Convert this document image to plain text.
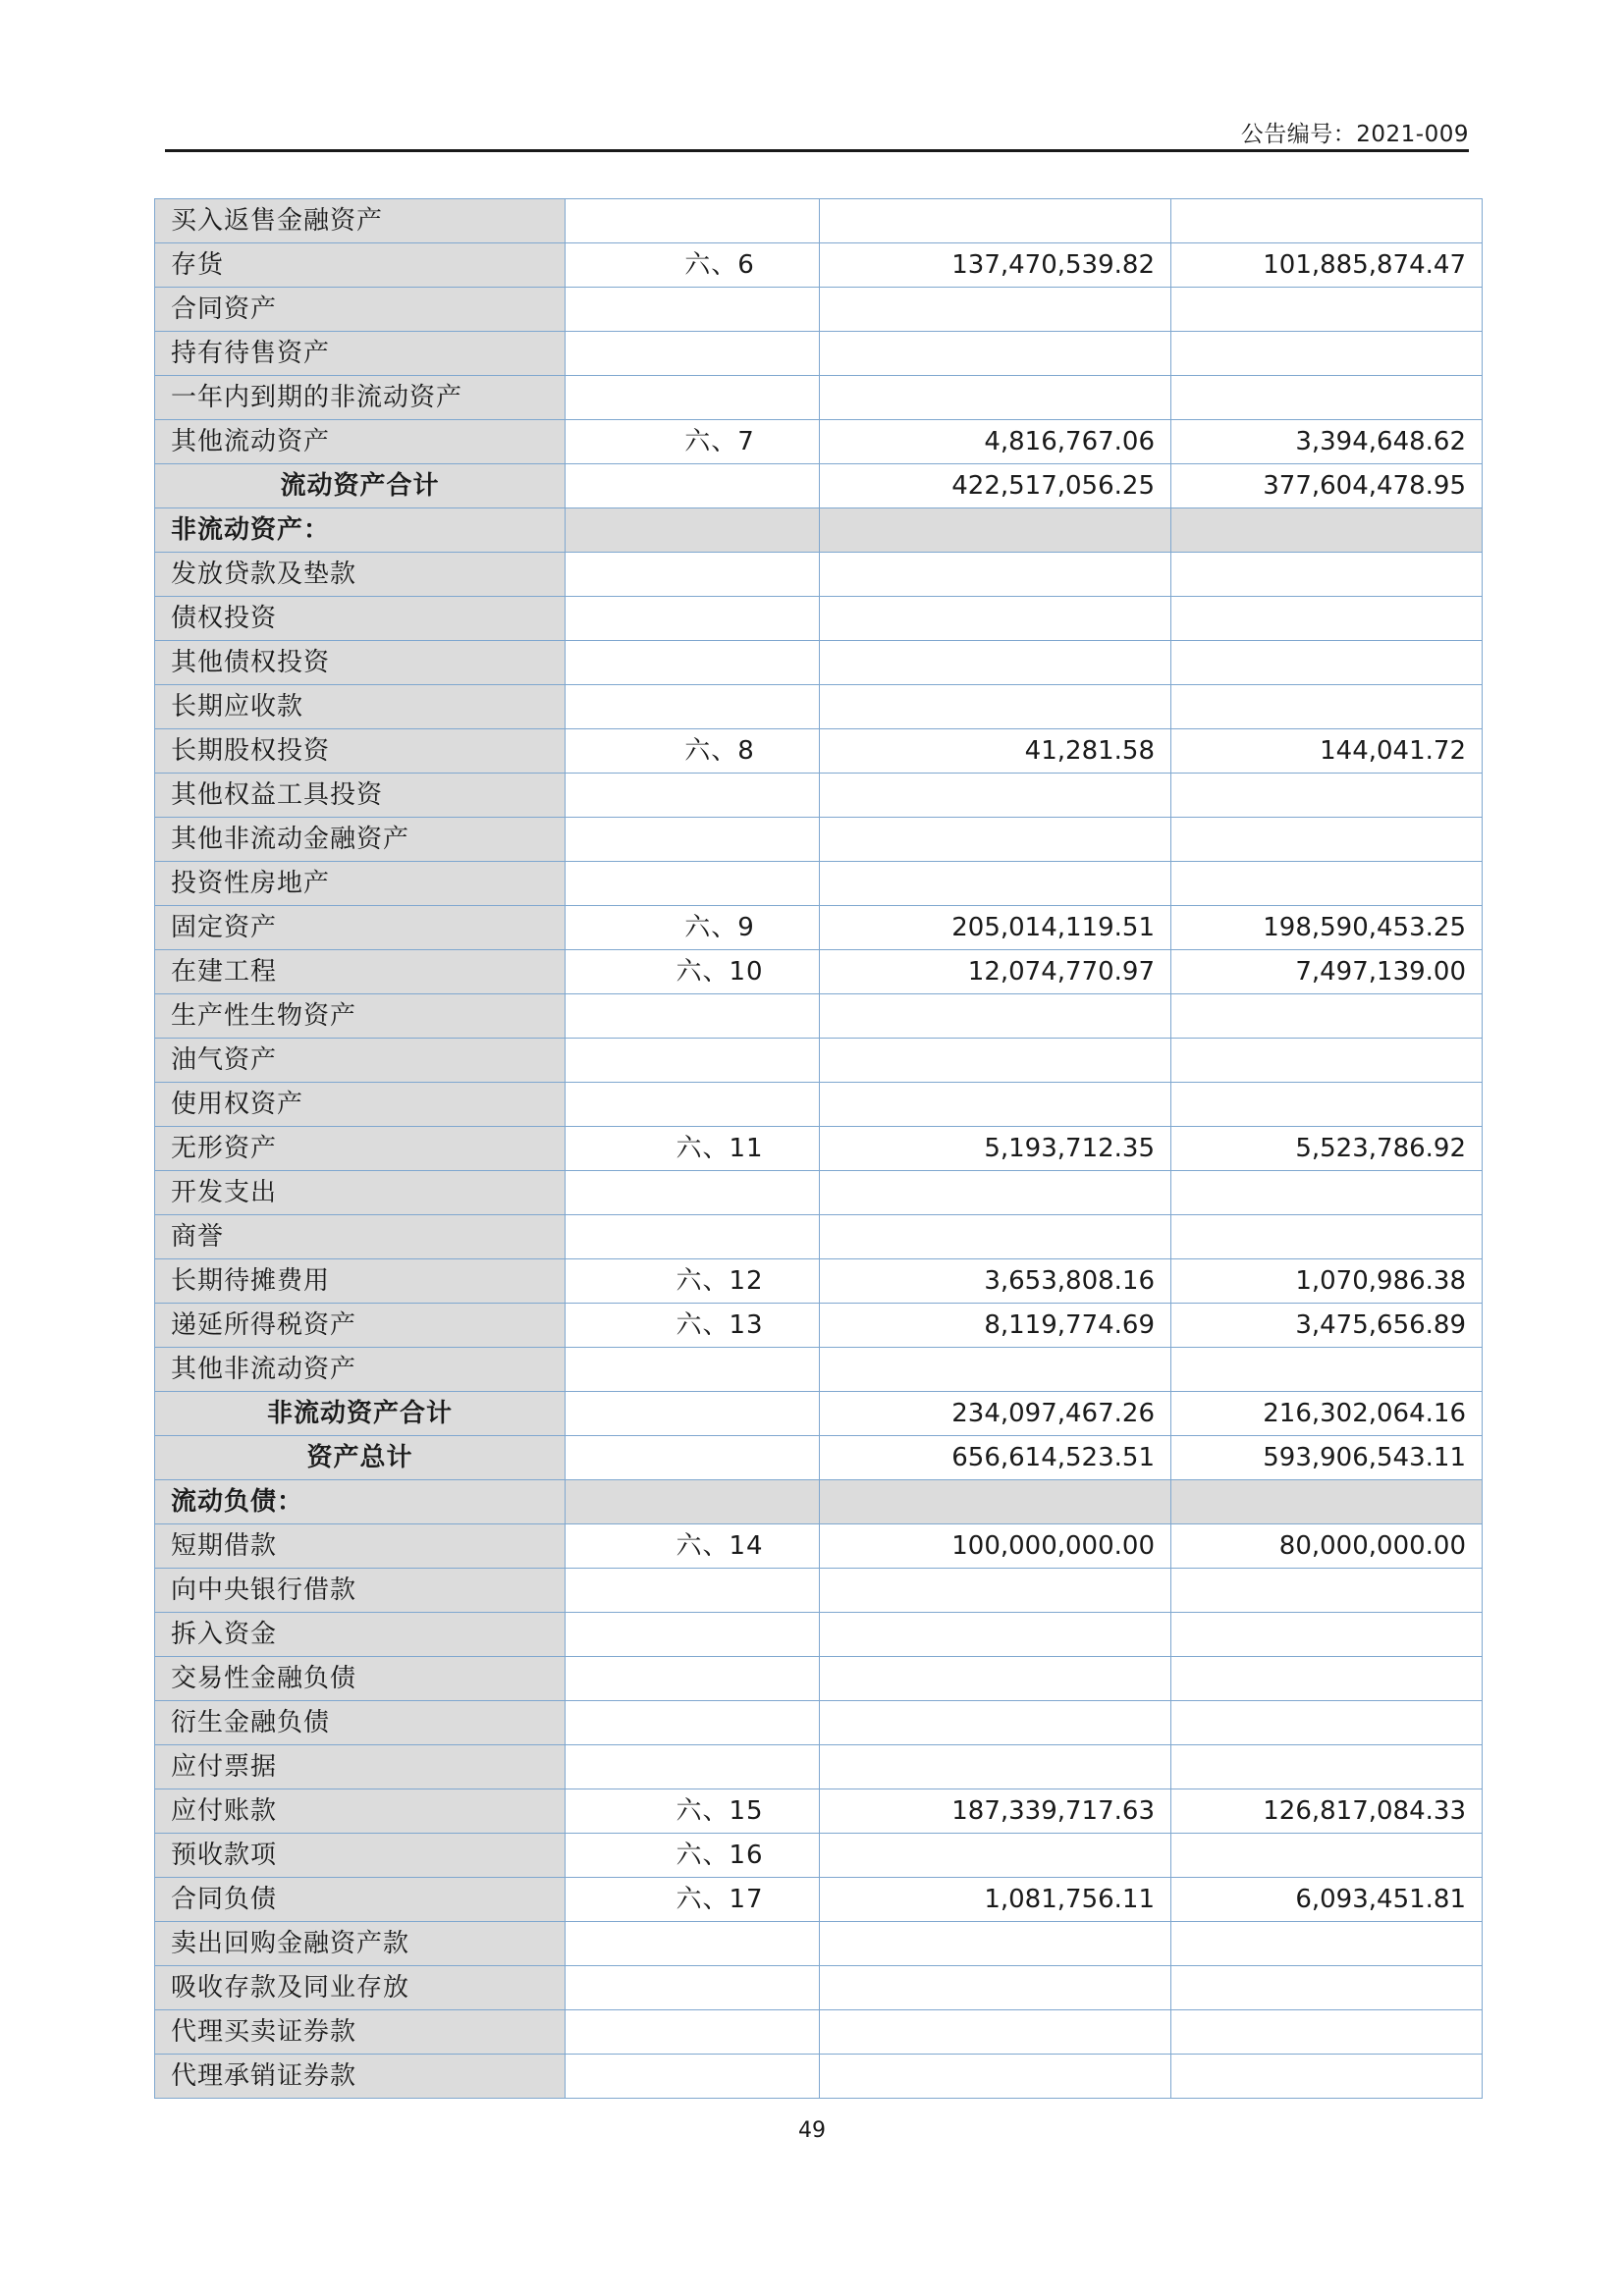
公告编号：2021-009
买入返售金融资产			
存货	六、6	137,470,539.82	101,885,874.47
合同资产			
持有待售资产			
一年内到期的非流动资产			
其他流动资产	六、7	4,816,767.06	3,394,648.62
流动资产合计		422,517,056.25	377,604,478.95
非流动资产：			
发放贷款及垫款			
债权投资			
其他债权投资			
长期应收款			
长期股权投资	六、8	41,281.58	144,041.72
其他权益工具投资			
其他非流动金融资产			
投资性房地产			
固定资产	六、9	205,014,119.51	198,590,453.25
在建工程	六、10	12,074,770.97	7,497,139.00
生产性生物资产			
油气资产			
使用权资产			
无形资产	六、11	5,193,712.35	5,523,786.92
开发支出			
商誉			
长期待摊费用	六、12	3,653,808.16	1,070,986.38
递延所得税资产	六、13	8,119,774.69	3,475,656.89
其他非流动资产			
非流动资产合计		234,097,467.26	216,302,064.16
资产总计		656,614,523.51	593,906,543.11
流动负债：			
短期借款	六、14	100,000,000.00	80,000,000.00
向中央银行借款			
拆入资金			
交易性金融负债			
衍生金融负债			
应付票据			
应付账款	六、15	187,339,717.63	126,817,084.33
预收款项	六、16		
合同负债	六、17	1,081,756.11	6,093,451.81
卖出回购金融资产款			
吸收存款及同业存放			
代理买卖证券款			
代理承销证券款			
49
